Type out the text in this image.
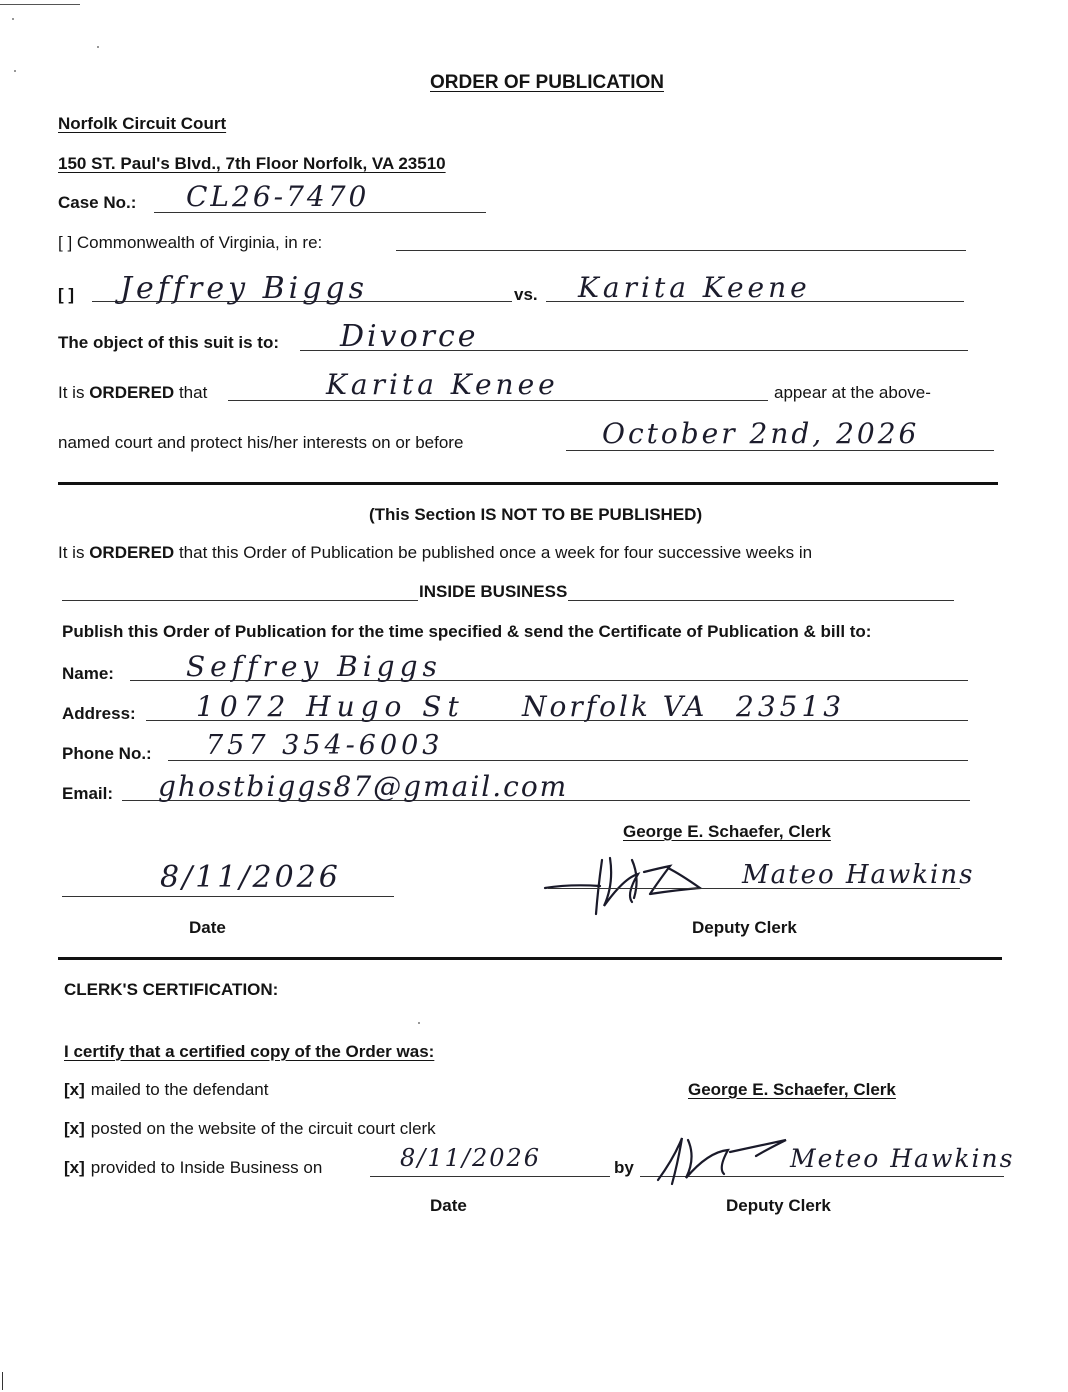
ORDER OF PUBLICATION
Norfolk Circuit Court
150 ST. Paul's Blvd., 7th Floor Norfolk, VA 23510
Case No.: CL26-7470
[ ] Commonwealth of Virginia, in re:
[ ] Jeffrey Biggs	vs. Karita Keene
The object of this suit is to: Divorce
It is ORDERED that	Karita Kenee	appear at the above-
named court and protect his/her interests on or before	October 2nd, 2026
(This Section IS NOT TO BE PUBLISHED)
It is ORDERED that this Order of Publication be published once a week for four successive weeks in
INSIDE BUSINESS
Publish this Order of Publication for the time specified & send the Certificate of Publication & bill to:
Name:	Seffrey Biggs
Address: 1072 Hugo St Norfolk VA 23513
Phone No.: 757 354-6003
Email: ghostbiggs87@gmail.com
George E. Schaefer, Clerk
8/11/2026
Date
Mateo Hawkins
Deputy Clerk
CLERK'S CERTIFICATION:
I certify that a certified copy of the Order was:
[x] mailed to the defendant
[x] posted on the website of the circuit court clerk
[x] provided to Inside Business on	8/11/2026
Date
George E. Schaefer, Clerk
by	Meteo Hawkins
Deputy Clerk
